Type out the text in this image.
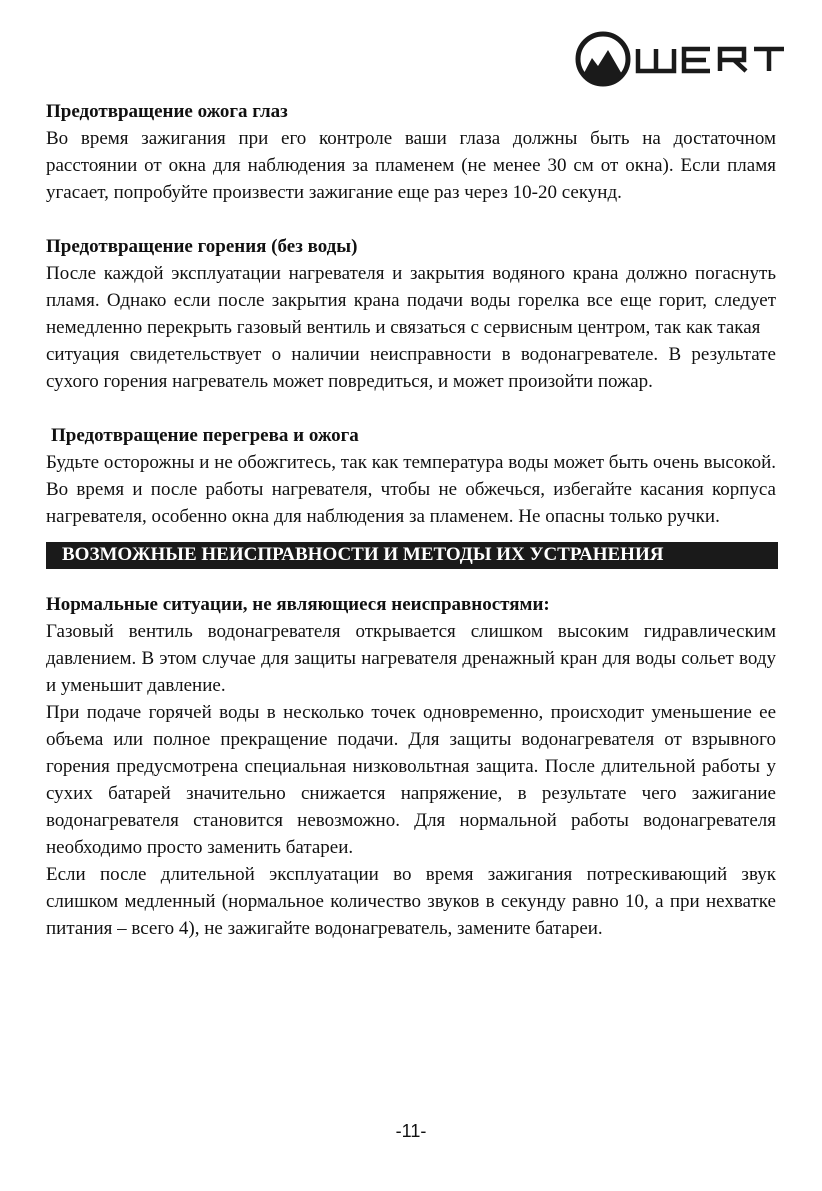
WERT

Предотвращение ожога глаз

Во время зажигания при его контроле ваши глаза должны быть на достаточном расстоянии от окна для наблюдения за пламенем (не менее 30 см от окна). Если пламя угасает, попробуйте произвести зажигание еще раз через 10-20 секунд.

Предотвращение горения (без воды)

После каждой эксплуатации нагревателя и закрытия водяного крана должно погаснуть пламя. Однако если после закрытия крана подачи воды горелка все еще горит, следует немедленно перекрыть газовый вентиль и связаться с сервисным центром, так как такая

ситуация свидетельствует о наличии неисправности в водонагревателе. В результате сухого горения нагреватель может повредиться, и может произойти пожар.

Предотвращение перегрева и ожога

Будьте осторожны и не обожгитесь, так как температура воды может быть очень высокой. Во время и после работы нагревателя, чтобы не обжечься, избегайте касания корпуса нагревателя, особенно окна для наблюдения за пламенем. Не опасны только ручки.

ВОЗМОЖНЫЕ НЕИСПРАВНОСТИ И МЕТОДЫ ИХ УСТРАНЕНИЯ

Нормальные ситуации, не являющиеся неисправностями:

Газовый вентиль водонагревателя открывается слишком высоким гидравлическим давлением. В этом случае для защиты нагревателя дренажный кран для воды сольет воду и уменьшит давление.

При подаче горячей воды в несколько точек одновременно, происходит уменьшение ее объема или полное прекращение подачи. Для защиты водонагревателя от взрывного горения предусмотрена специальная низковольтная защита. После длительной работы у сухих батарей значительно снижается напряжение, в результате чего зажигание водонагревателя становится невозможно. Для нормальной работы водонагревателя необходимо просто заменить батареи.

Если после длительной эксплуатации во время зажигания потрескивающий звук слишком медленный (нормальное количество звуков в секунду равно 10, а при нехватке питания – всего 4), не зажигайте водонагреватель, замените батареи.

-11-
